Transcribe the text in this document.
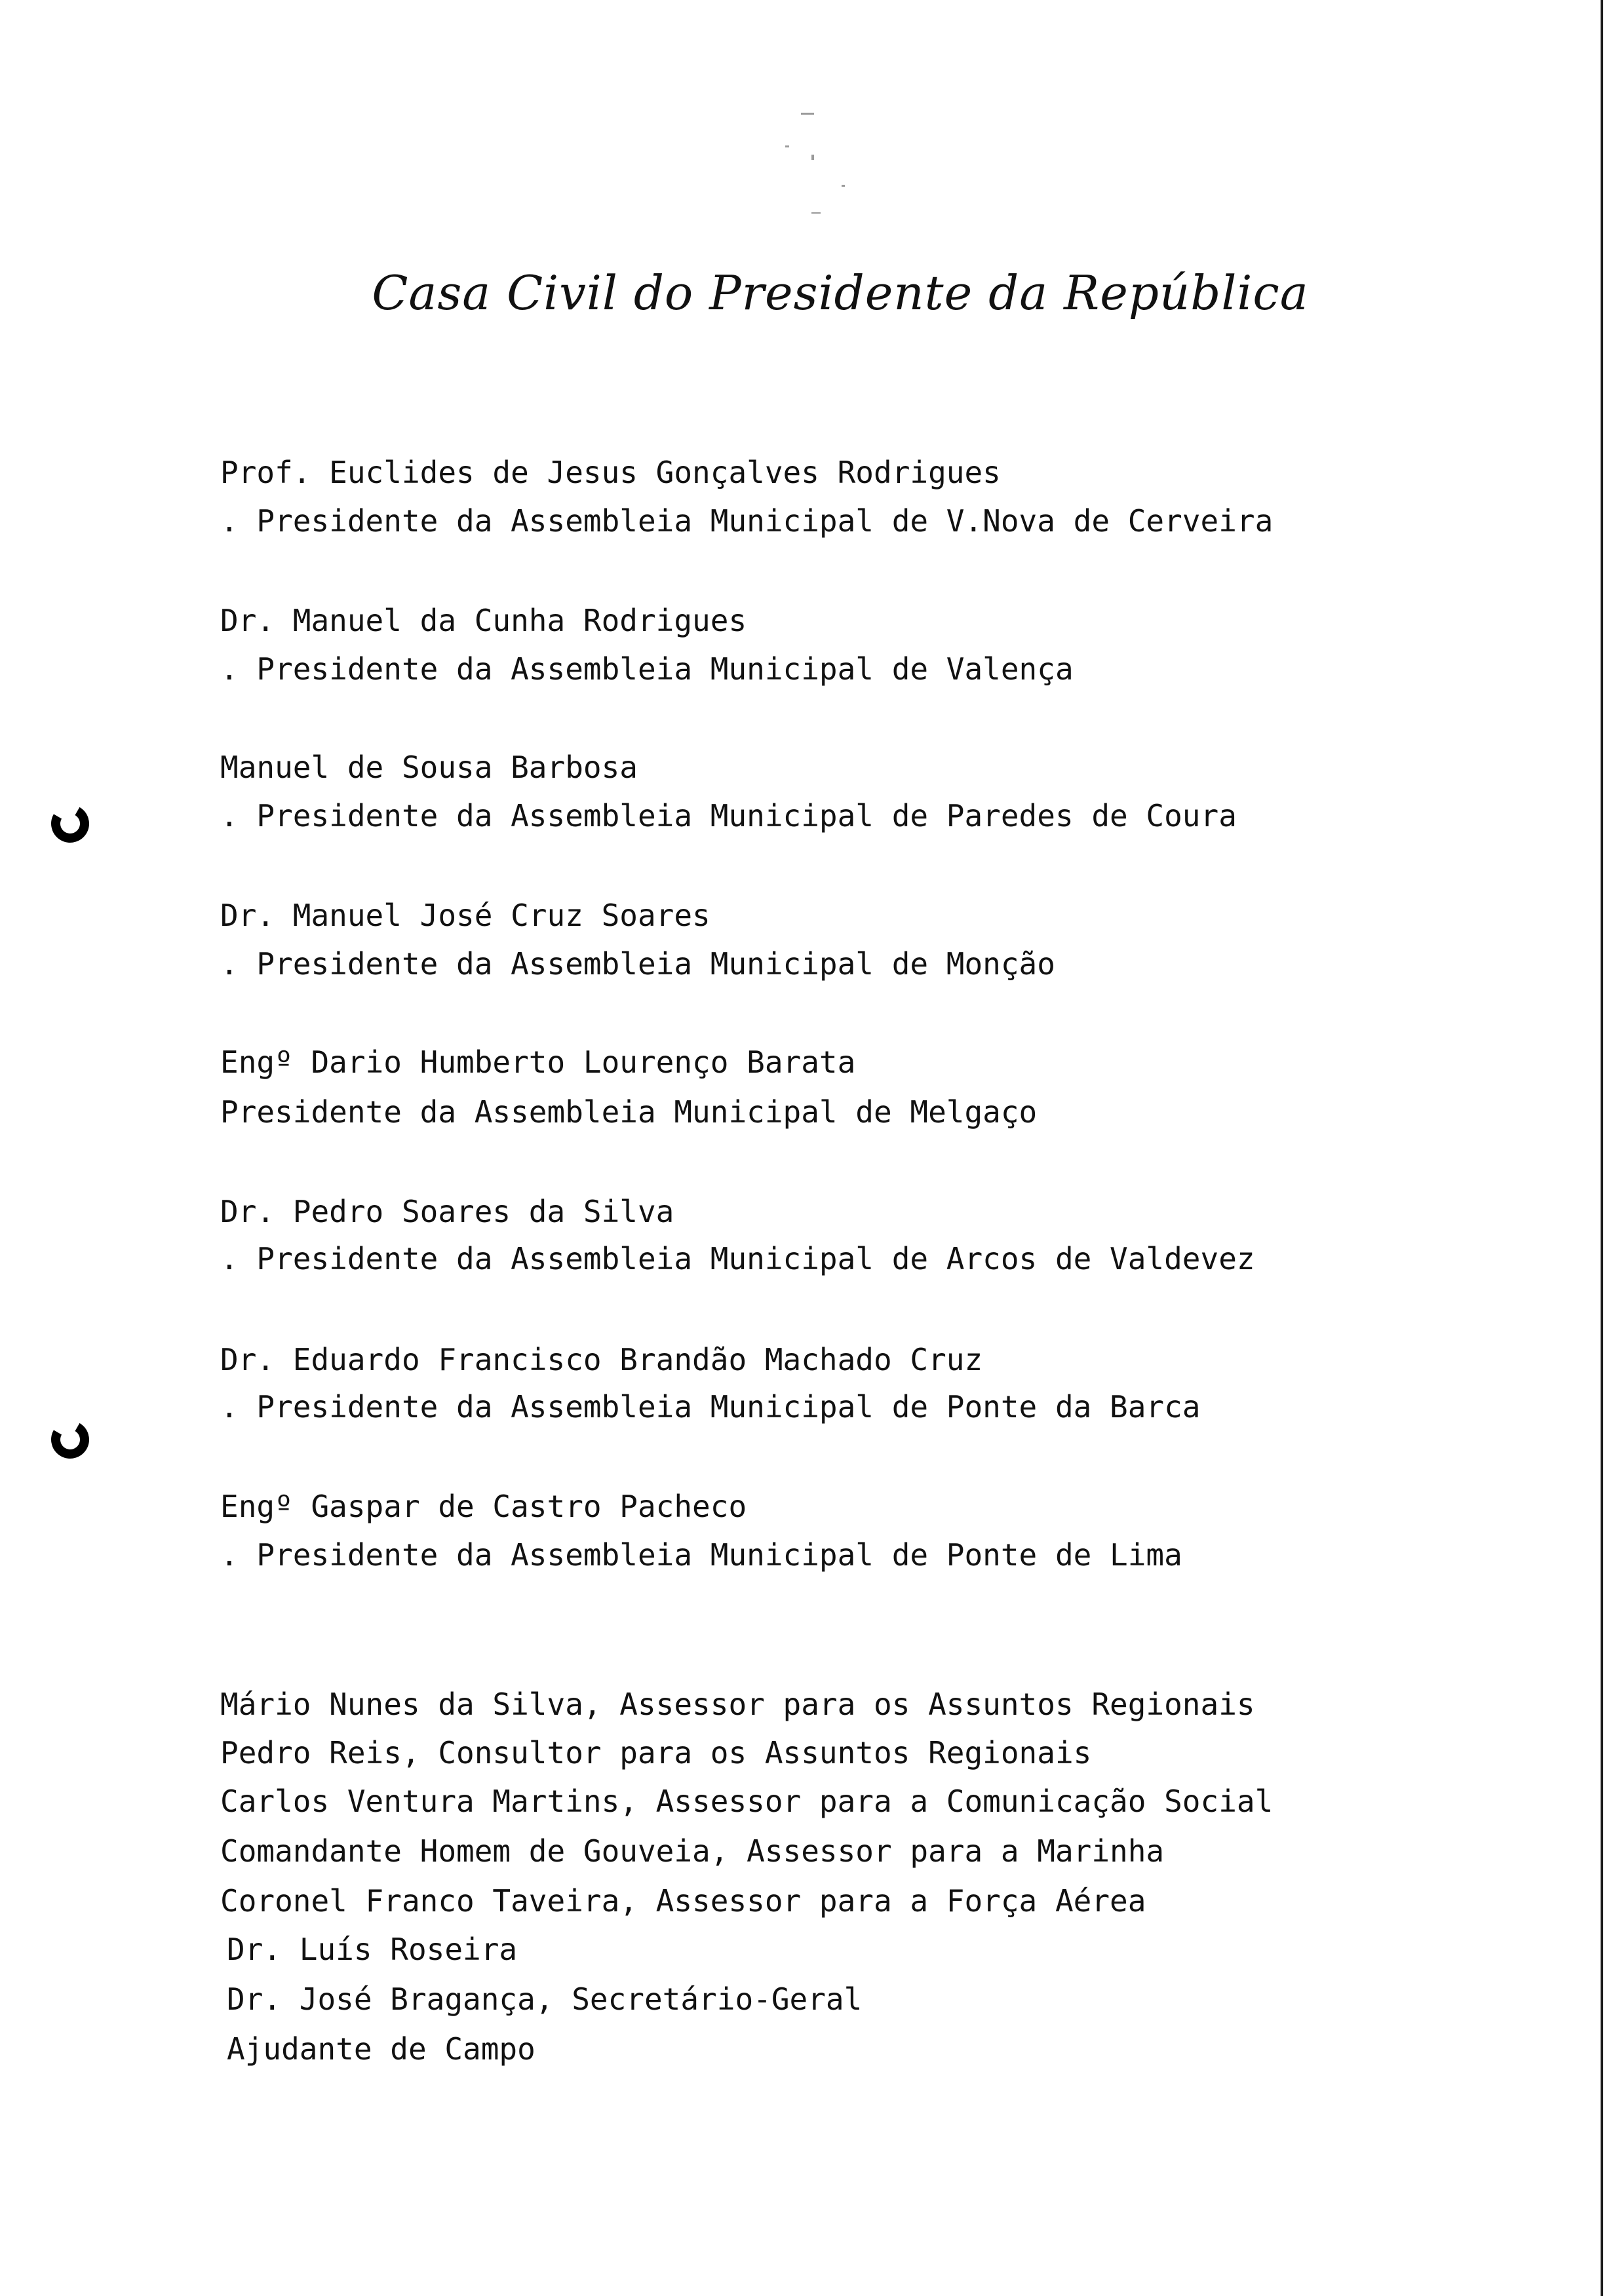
Casa Civil do Presidente da República
Prof. Euclides de Jesus Gonçalves Rodrigues
. Presidente da Assembleia Municipal de V.Nova de Cerveira
Dr. Manuel da Cunha Rodrigues
. Presidente da Assembleia Municipal de Valença
Manuel de Sousa Barbosa
. Presidente da Assembleia Municipal de Paredes de Coura
Dr. Manuel José Cruz Soares
. Presidente da Assembleia Municipal de Monção
Engº Dario Humberto Lourenço Barata
Presidente da Assembleia Municipal de Melgaço
Dr. Pedro Soares da Silva
. Presidente da Assembleia Municipal de Arcos de Valdevez
Dr. Eduardo Francisco Brandão Machado Cruz
. Presidente da Assembleia Municipal de Ponte da Barca
Engº Gaspar de Castro Pacheco
. Presidente da Assembleia Municipal de Ponte de Lima
Mário Nunes da Silva, Assessor para os Assuntos Regionais
Pedro Reis, Consultor para os Assuntos Regionais
Carlos Ventura Martins, Assessor para a Comunicação Social
Comandante Homem de Gouveia, Assessor para a Marinha
Coronel Franco Taveira, Assessor para a Força Aérea
Dr. Luís Roseira
Dr. José Bragança, Secretário-Geral
Ajudante de Campo
